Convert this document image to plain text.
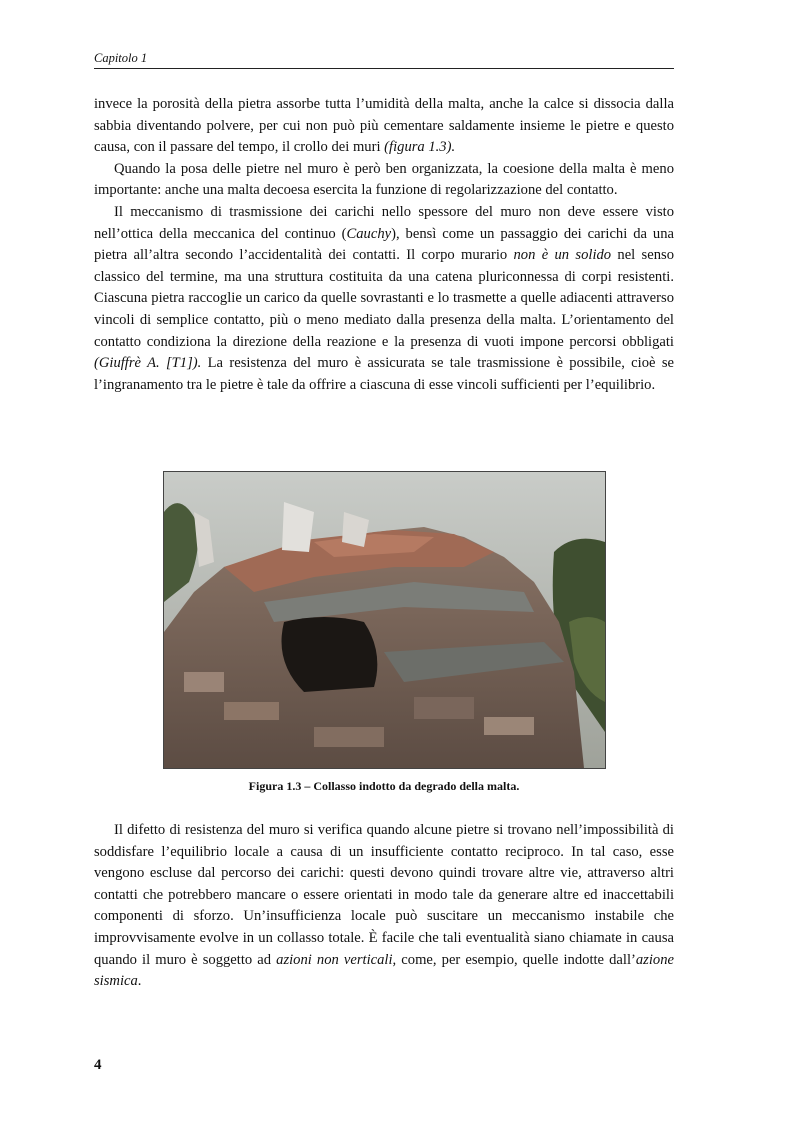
Capitolo 1

invece la porosità della pietra assorbe tutta l’umidità della malta, anche la calce si dissocia dalla sabbia diventando polvere, per cui non può più cementare saldamente insieme le pietre e questo causa, con il passare del tempo, il crollo dei muri (figura 1.3).

Quando la posa delle pietre nel muro è però ben organizzata, la coesione della malta è meno importante: anche una malta decoesa esercita la funzione di regolarizzazione del contatto.

Il meccanismo di trasmissione dei carichi nello spessore del muro non deve essere visto nell’ottica della meccanica del continuo (Cauchy), bensì come un passaggio dei carichi da una pietra all’altra secondo l’accidentalità dei contatti. Il corpo murario non è un solido nel senso classico del termine, ma una struttura costituita da una catena pluriconnessa di corpi resistenti. Ciascuna pietra raccoglie un carico da quelle sovrastanti e lo trasmette a quelle adiacenti attraverso vincoli di semplice contatto, più o meno mediato dalla presenza della malta. L’orientamento del contatto condiziona la direzione della reazione e la presenza di vuoti impone percorsi obbligati (Giuffrè A. [T1]). La resistenza del muro è assicurata se tale trasmissione è possibile, cioè se l’ingranamento tra le pietre è tale da offrire a ciascuna di esse vincoli sufficienti per l’equilibrio.

Figura 1.3 – Collasso indotto da degrado della malta.

Il difetto di resistenza del muro si verifica quando alcune pietre si trovano nell’impossibilità di soddisfare l’equilibrio locale a causa di un insufficiente contatto reciproco. In tal caso, esse vengono escluse dal percorso dei carichi: questi devono quindi trovare altre vie, attraverso altri contatti che potrebbero mancare o essere orientati in modo tale da generare altre ed inaccettabili componenti di sforzo. Un’insufficienza locale può suscitare un meccanismo instabile che improvvisamente evolve in un collasso totale. È facile che tali eventualità siano chiamate in causa quando il muro è soggetto ad azioni non verticali, come, per esempio, quelle indotte dall’azione sismica.

4
